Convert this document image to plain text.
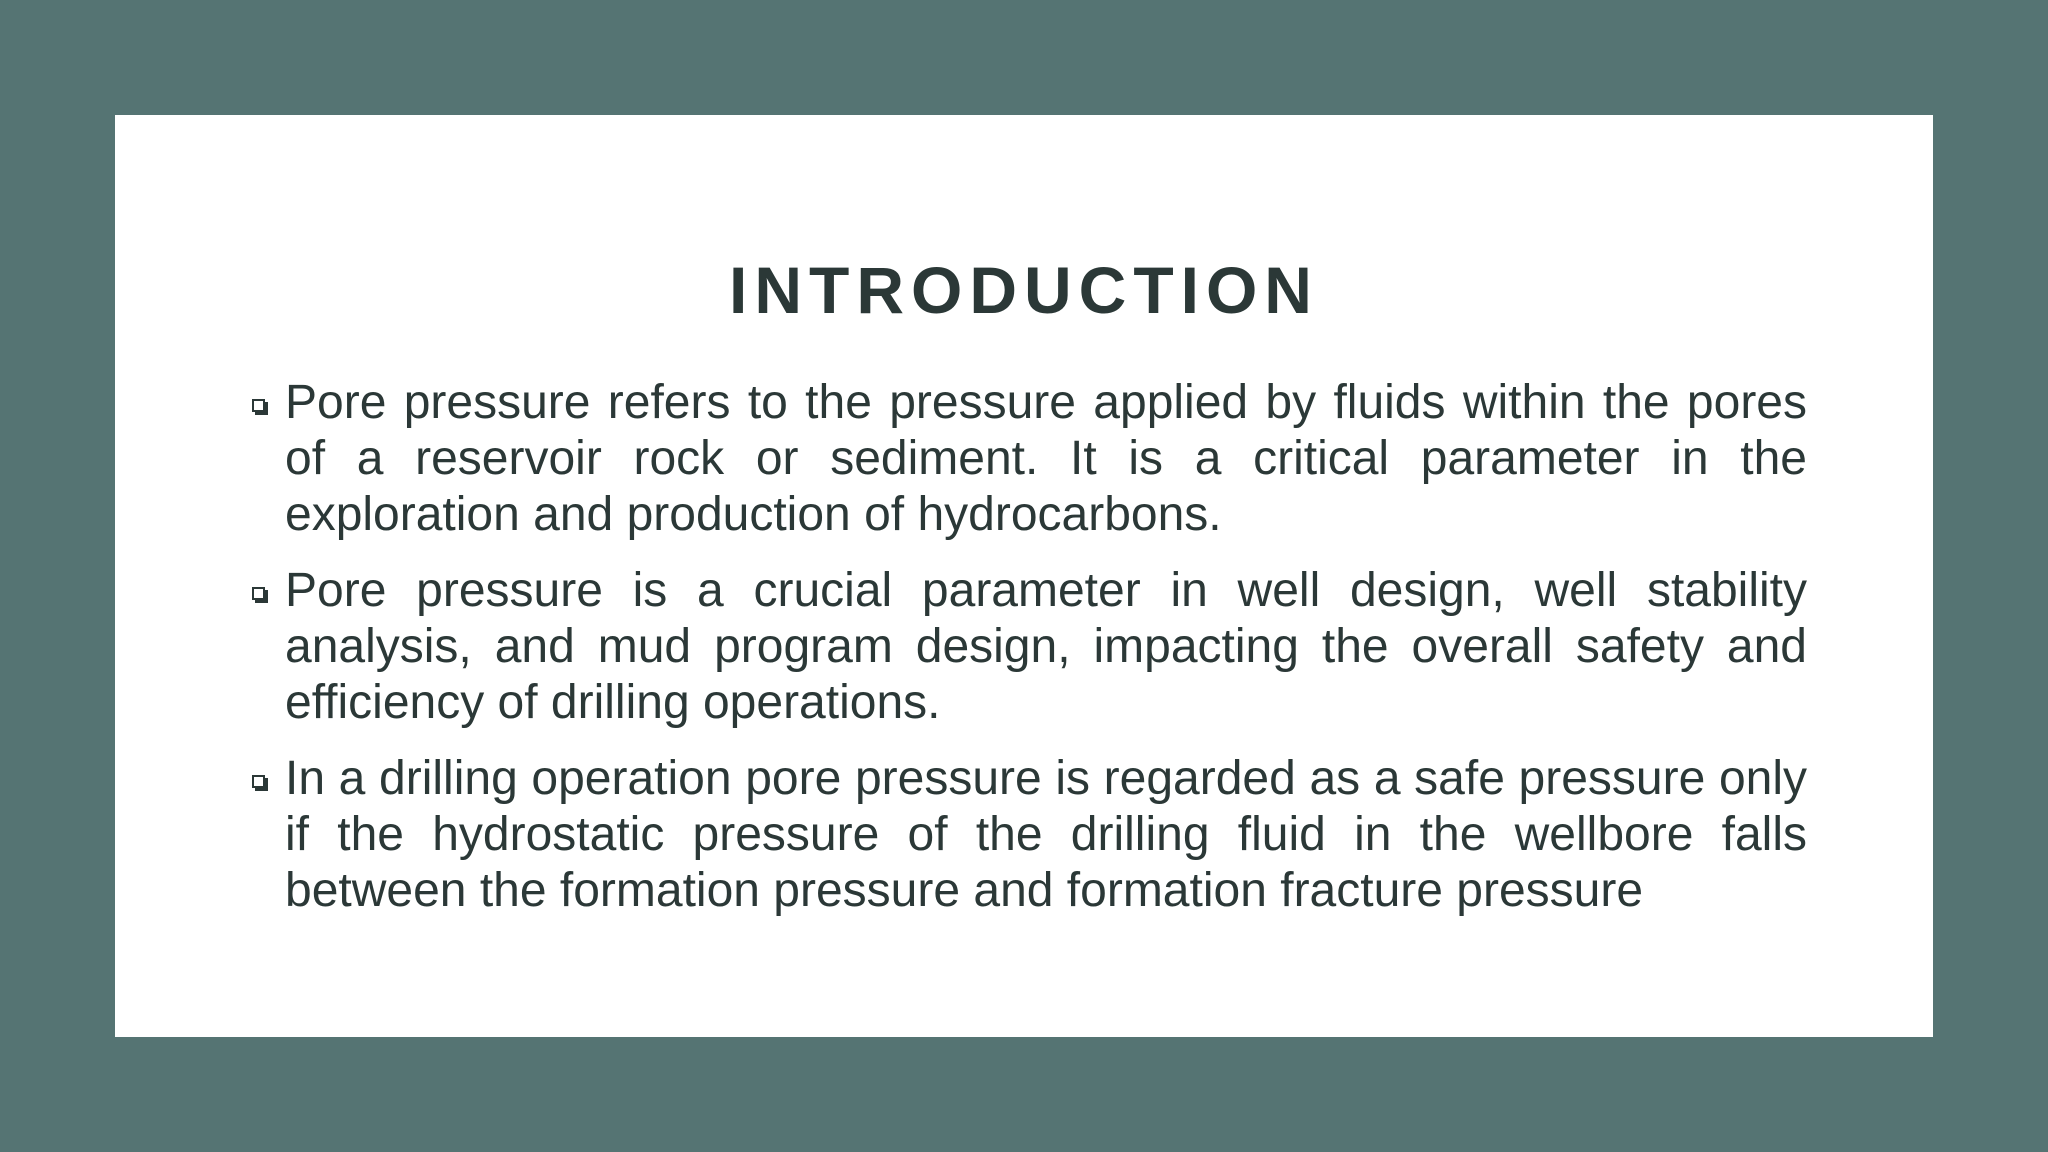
INTRODUCTION
Pore pressure refers to the pressure applied by fluids within the pores of a reservoir rock or sediment. It is a critical parameter in the exploration and production of hydrocarbons.
Pore pressure is a crucial parameter in well design, well stability analysis, and mud program design, impacting the overall safety and efficiency of drilling operations.
In a drilling operation pore pressure is regarded as a safe pressure only if the hydrostatic pressure of the drilling fluid in the wellbore falls between the formation pressure and formation fracture pressure
